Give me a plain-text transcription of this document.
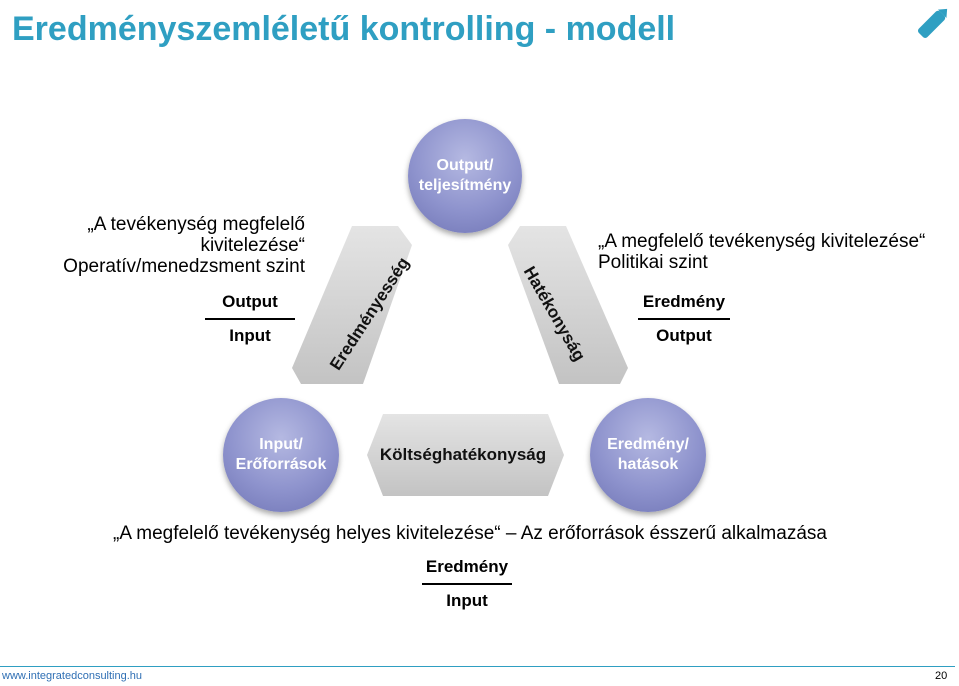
Eredményszemléletű kontrolling - modell
„A tevékenység megfelelő
kivitelezése“
Operatív/menedzsment szint
Output
Input
„A megfelelő tevékenység kivitelezése“
Politikai szint
Eredmény
Output
Eredményesség	Hatékonyság
Költséghatékonyság
Output/
teljesítmény
Input/
Erőforrások
Eredmény/
hatások
„A megfelelő tevékenység helyes kivitelezése“ – Az erőforrások ésszerű alkalmazása
Eredmény
Input
www.integratedconsulting.hu	20
